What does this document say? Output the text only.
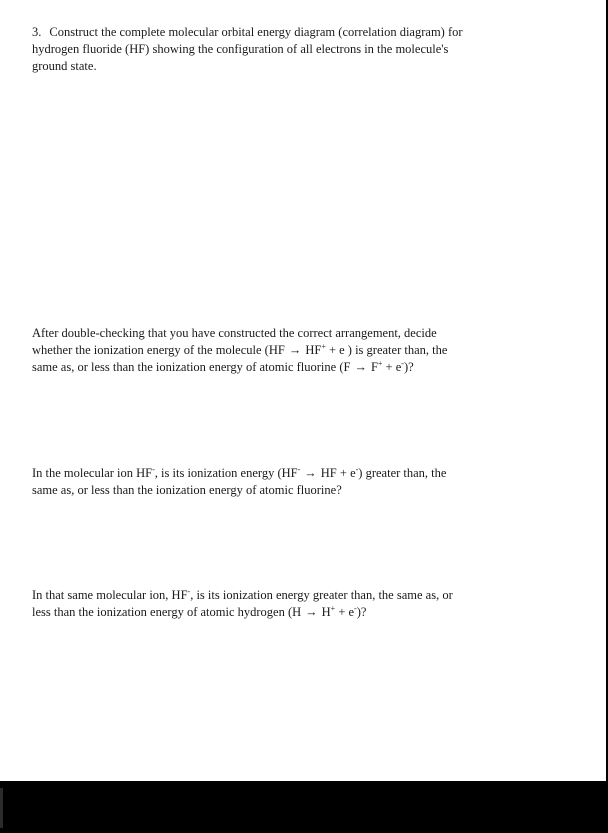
3. Construct the complete molecular orbital energy diagram (correlation diagram) for
hydrogen fluoride (HF) showing the configuration of all electrons in the molecule's
ground state.

After double-checking that you have constructed the correct arrangement, decide
whether the ionization energy of the molecule (HF → HF+ + e ) is greater than, the
same as, or less than the ionization energy of atomic fluorine (F → F+ + e-)?

In the molecular ion HF-, is its ionization energy (HF- → HF + e-) greater than, the
same as, or less than the ionization energy of atomic fluorine?

In that same molecular ion, HF-, is its ionization energy greater than, the same as, or
less than the ionization energy of atomic hydrogen (H → H+ + e-)?
